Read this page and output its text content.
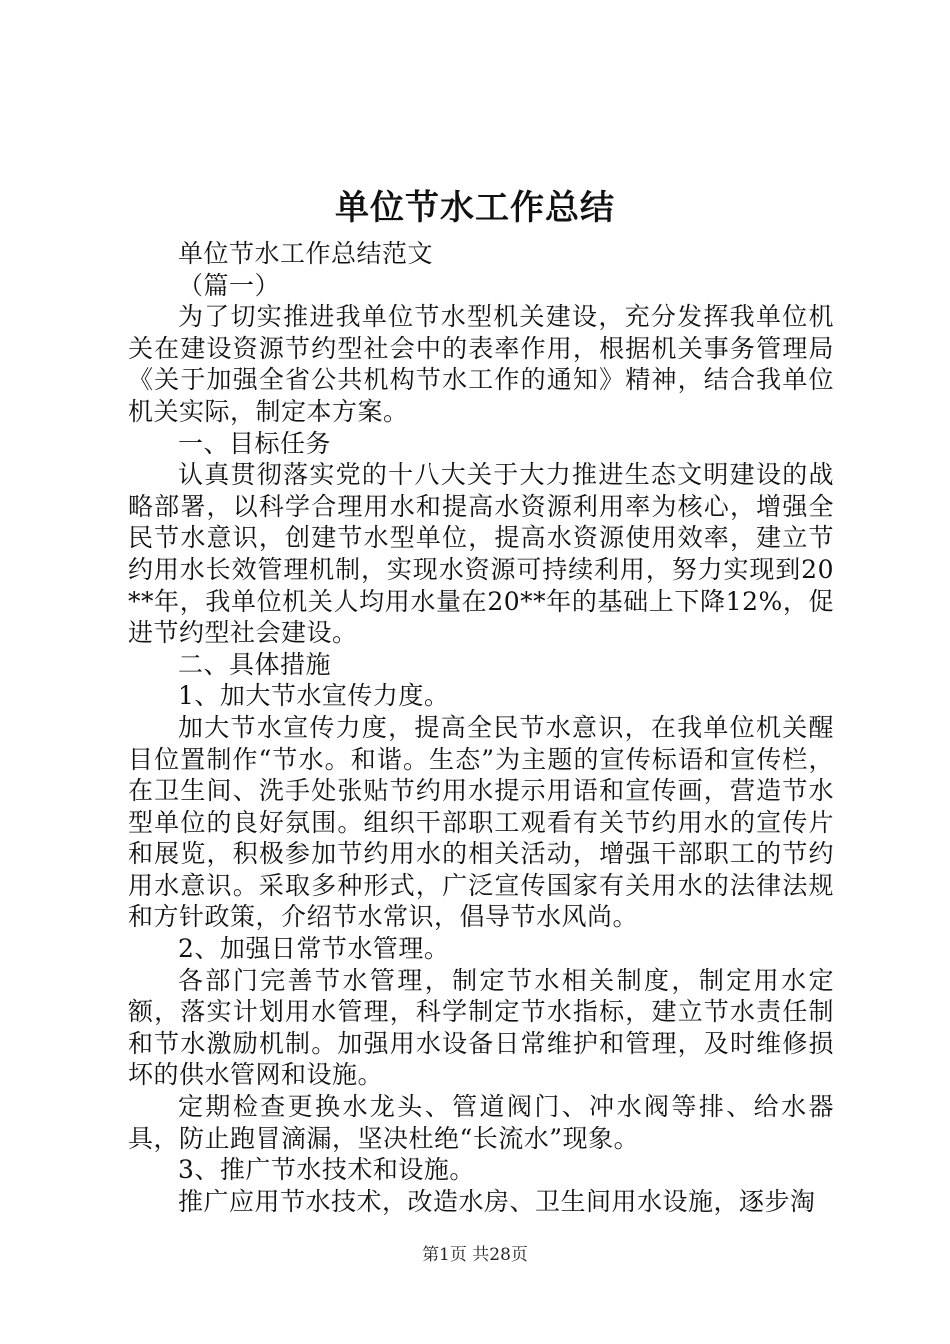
单位节水工作总结

单位节水工作总结范文

（篇一）

为了切实推进我单位节水型机关建设，充分发挥我单位机关在建设资源节约型社会中的表率作用，根据机关事务管理局《关于加强全省公共机构节水工作的通知》精神，结合我单位机关实际，制定本方案。

一、目标任务

认真贯彻落实党的十八大关于大力推进生态文明建设的战略部署，以科学合理用水和提高水资源利用率为核心，增强全民节水意识，创建节水型单位，提高水资源使用效率，建立节约用水长效管理机制，实现水资源可持续利用，努力实现到20**年，我单位机关人均用水量在20**年的基础上下降12%，促进节约型社会建设。

二、具体措施

1、加大节水宣传力度。

加大节水宣传力度，提高全民节水意识，在我单位机关醒目位置制作“节水。和谐。生态”为主题的宣传标语和宣传栏，在卫生间、洗手处张贴节约用水提示用语和宣传画，营造节水型单位的良好氛围。组织干部职工观看有关节约用水的宣传片和展览，积极参加节约用水的相关活动，增强干部职工的节约用水意识。采取多种形式，广泛宣传国家有关用水的法律法规和方针政策，介绍节水常识，倡导节水风尚。

2、加强日常节水管理。

各部门完善节水管理，制定节水相关制度，制定用水定额，落实计划用水管理，科学制定节水指标，建立节水责任制和节水激励机制。加强用水设备日常维护和管理，及时维修损坏的供水管网和设施。

定期检查更换水龙头、管道阀门、冲水阀等排、给水器具，防止跑冒滴漏，坚决杜绝“长流水”现象。

3、推广节水技术和设施。

推广应用节水技术，改造水房、卫生间用水设施，逐步淘

第1页 共28页
